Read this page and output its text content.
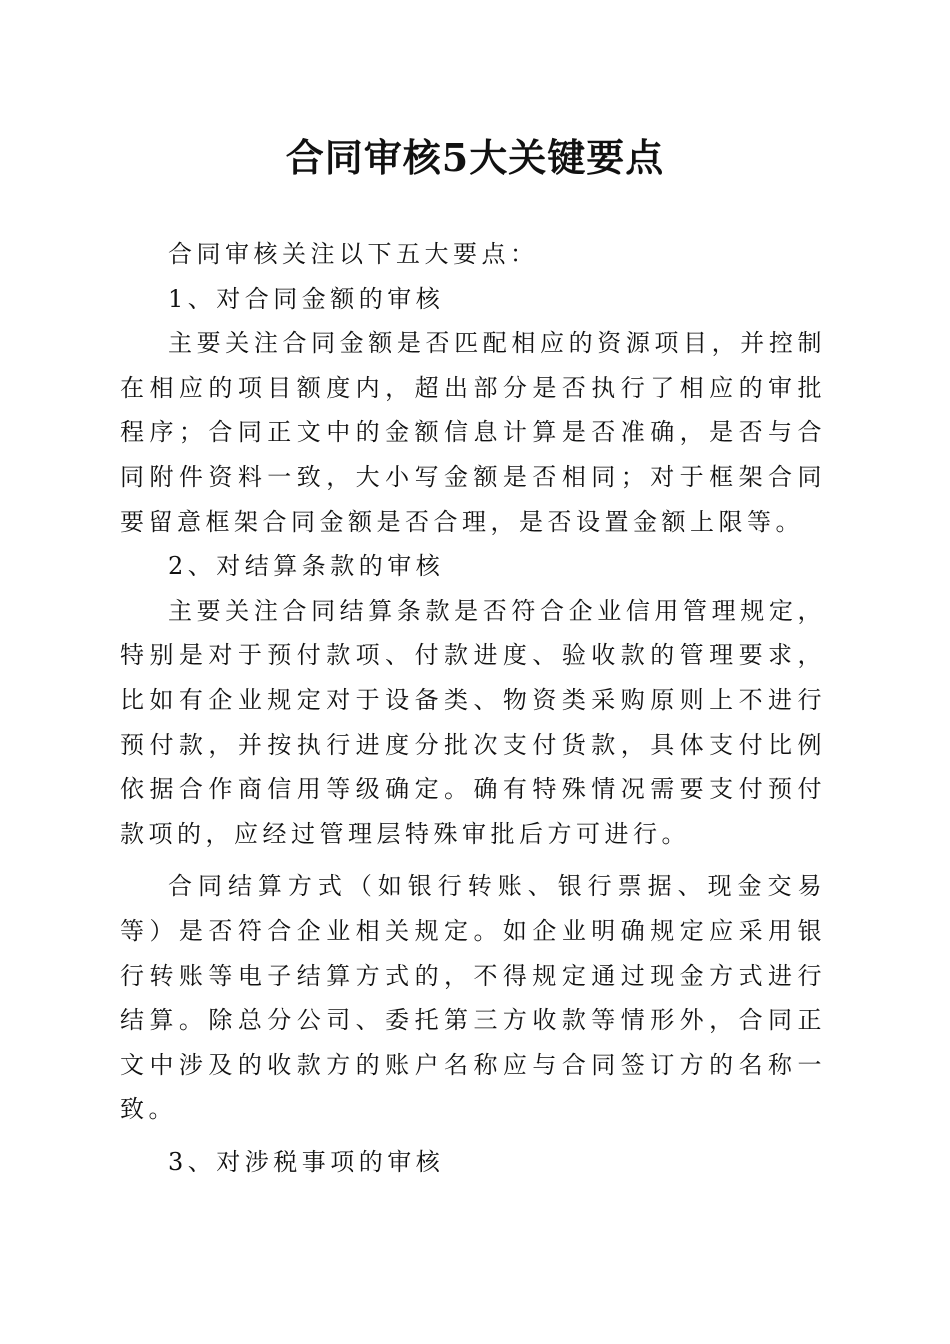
合同审核5大关键要点

合同审核关注以下五大要点：

1、对合同金额的审核

主要关注合同金额是否匹配相应的资源项目，并控制在相应的项目额度内，超出部分是否执行了相应的审批程序；合同正文中的金额信息计算是否准确，是否与合同附件资料一致，大小写金额是否相同；对于框架合同要留意框架合同金额是否合理，是否设置金额上限等。

2、对结算条款的审核

主要关注合同结算条款是否符合企业信用管理规定，特别是对于预付款项、付款进度、验收款的管理要求，比如有企业规定对于设备类、物资类采购原则上不进行预付款，并按执行进度分批次支付货款，具体支付比例依据合作商信用等级确定。确有特殊情况需要支付预付款项的，应经过管理层特殊审批后方可进行。

合同结算方式（如银行转账、银行票据、现金交易等）是否符合企业相关规定。如企业明确规定应采用银行转账等电子结算方式的，不得规定通过现金方式进行结算。除总分公司、委托第三方收款等情形外，合同正文中涉及的收款方的账户名称应与合同签订方的名称一致。

3、对涉税事项的审核
